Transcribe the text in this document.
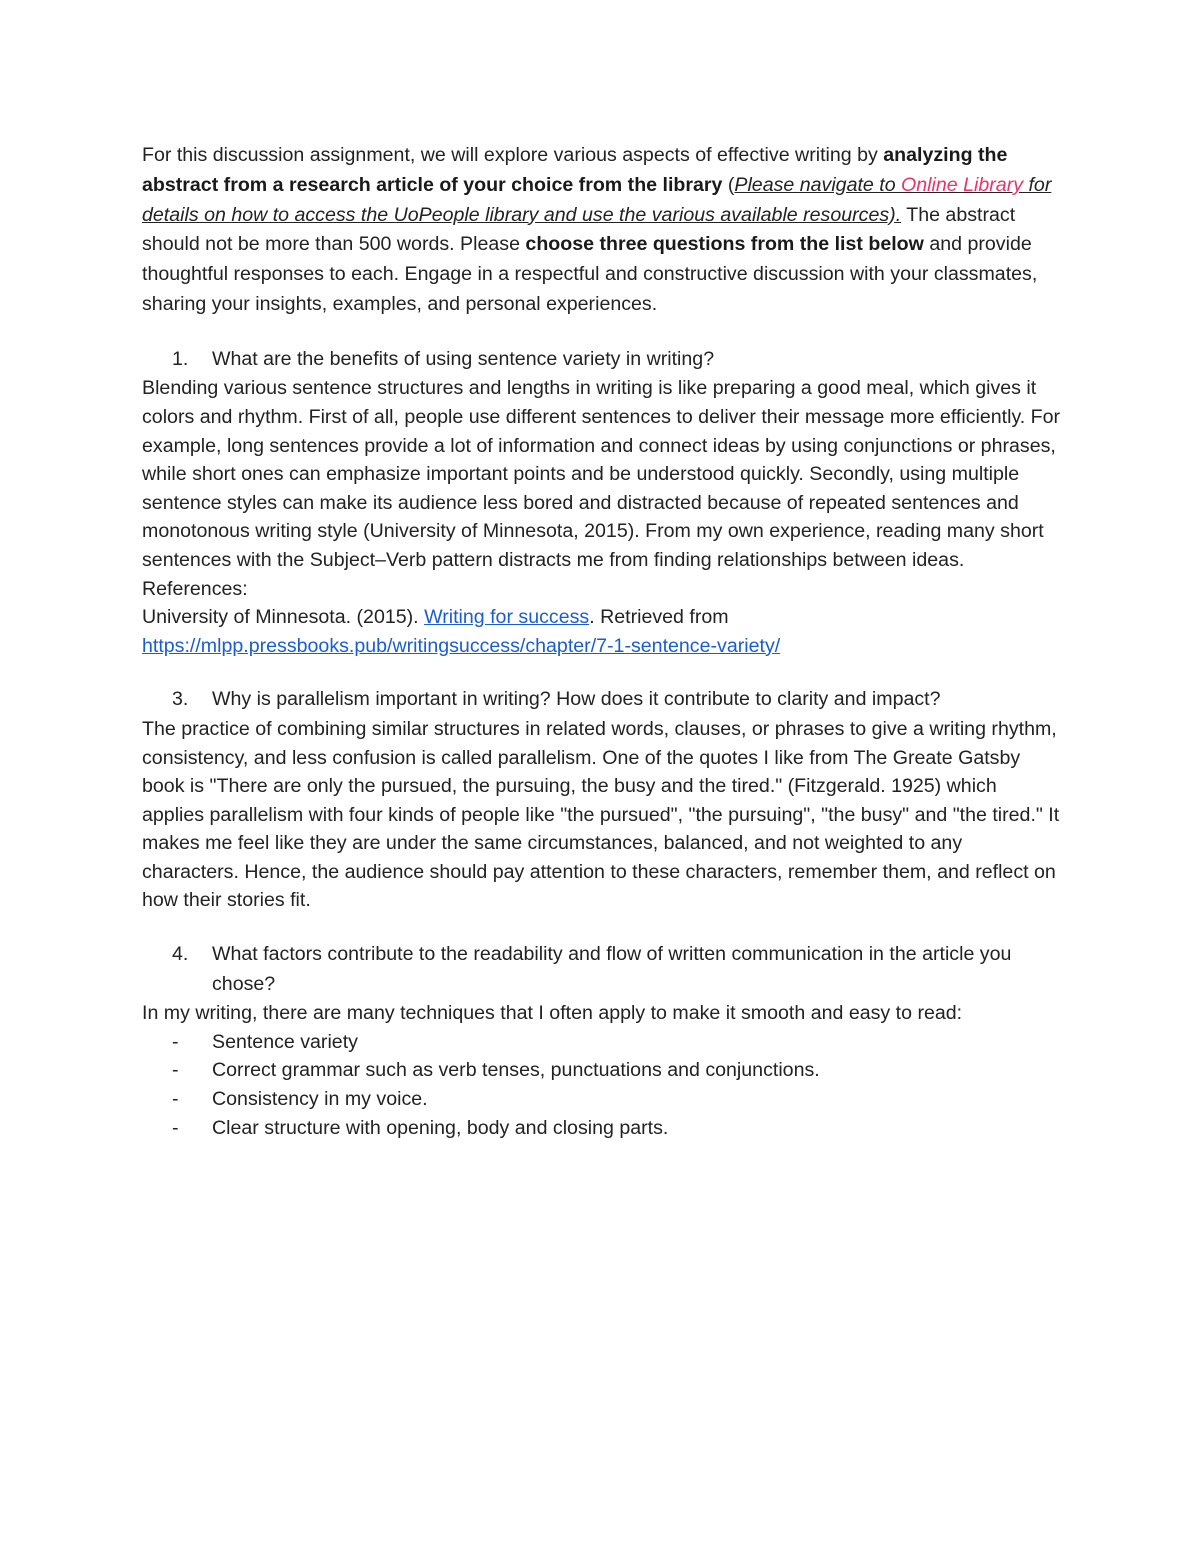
For this discussion assignment, we will explore various aspects of effective writing by analyzing the abstract from a research article of your choice from the library (Please navigate to Online Library for details on how to access the UoPeople library and use the various available resources). The abstract should not be more than 500 words. Please choose three questions from the list below and provide thoughtful responses to each. Engage in a respectful and constructive discussion with your classmates, sharing your insights, examples, and personal experiences.

1.	What are the benefits of using sentence variety in writing?

Blending various sentence structures and lengths in writing is like preparing a good meal, which gives it colors and rhythm. First of all, people use different sentences to deliver their message more efficiently. For example, long sentences provide a lot of information and connect ideas by using conjunctions or phrases, while short ones can emphasize important points and be understood quickly. Secondly, using multiple sentence styles can make its audience less bored and distracted because of repeated sentences and monotonous writing style (University of Minnesota, 2015). From my own experience, reading many short sentences with the Subject–Verb pattern distracts me from finding relationships between ideas.

References:

University of Minnesota. (2015). Writing for success. Retrieved from

https://mlpp.pressbooks.pub/writingsuccess/chapter/7-1-sentence-variety/

3.	Why is parallelism important in writing? How does it contribute to clarity and impact?

The practice of combining similar structures in related words, clauses, or phrases to give a writing rhythm, consistency, and less confusion is called parallelism. One of the quotes I like from The Greate Gatsby book is "There are only the pursued, the pursuing, the busy and the tired." (Fitzgerald. 1925) which applies parallelism with four kinds of people like "the pursued", "the pursuing", "the busy" and "the tired." It makes me feel like they are under the same circumstances, balanced, and not weighted to any characters. Hence, the audience should pay attention to these characters, remember them, and reflect on how their stories fit.

4.	What factors contribute to the readability and flow of written communication in the article you chose?

In my writing, there are many techniques that I often apply to make it smooth and easy to read:

-	Sentence variety
-	Correct grammar such as verb tenses, punctuations and conjunctions.
-	Consistency in my voice.
-	Clear structure with opening, body and closing parts.
